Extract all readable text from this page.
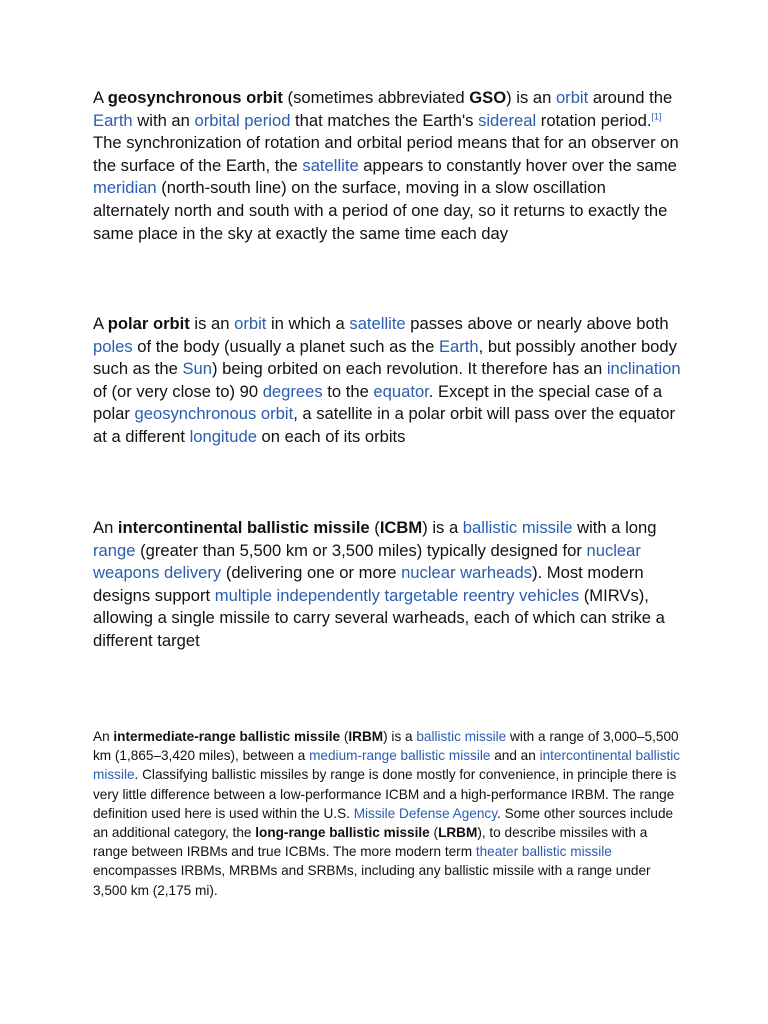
A geosynchronous orbit (sometimes abbreviated GSO) is an orbit around the Earth with an orbital period that matches the Earth's sidereal rotation period.[1] The synchronization of rotation and orbital period means that for an observer on the surface of the Earth, the satellite appears to constantly hover over the same meridian (north-south line) on the surface, moving in a slow oscillation alternately north and south with a period of one day, so it returns to exactly the same place in the sky at exactly the same time each day

A polar orbit is an orbit in which a satellite passes above or nearly above both poles of the body (usually a planet such as the Earth, but possibly another body such as the Sun) being orbited on each revolution. It therefore has an inclination of (or very close to) 90 degrees to the equator. Except in the special case of a polar geosynchronous orbit, a satellite in a polar orbit will pass over the equator at a different longitude on each of its orbits

An intercontinental ballistic missile (ICBM) is a ballistic missile with a long range (greater than 5,500 km or 3,500 miles) typically designed for nuclear weapons delivery (delivering one or more nuclear warheads). Most modern designs support multiple independently targetable reentry vehicles (MIRVs), allowing a single missile to carry several warheads, each of which can strike a different target

An intermediate-range ballistic missile (IRBM) is a ballistic missile with a range of 3,000–5,500 km (1,865–3,420 miles), between a medium-range ballistic missile and an intercontinental ballistic missile. Classifying ballistic missiles by range is done mostly for convenience, in principle there is very little difference between a low-performance ICBM and a high-performance IRBM. The range definition used here is used within the U.S. Missile Defense Agency. Some other sources include an additional category, the long-range ballistic missile (LRBM), to describe missiles with a range between IRBMs and true ICBMs. The more modern term theater ballistic missile encompasses IRBMs, MRBMs and SRBMs, including any ballistic missile with a range under 3,500 km (2,175 mi).
